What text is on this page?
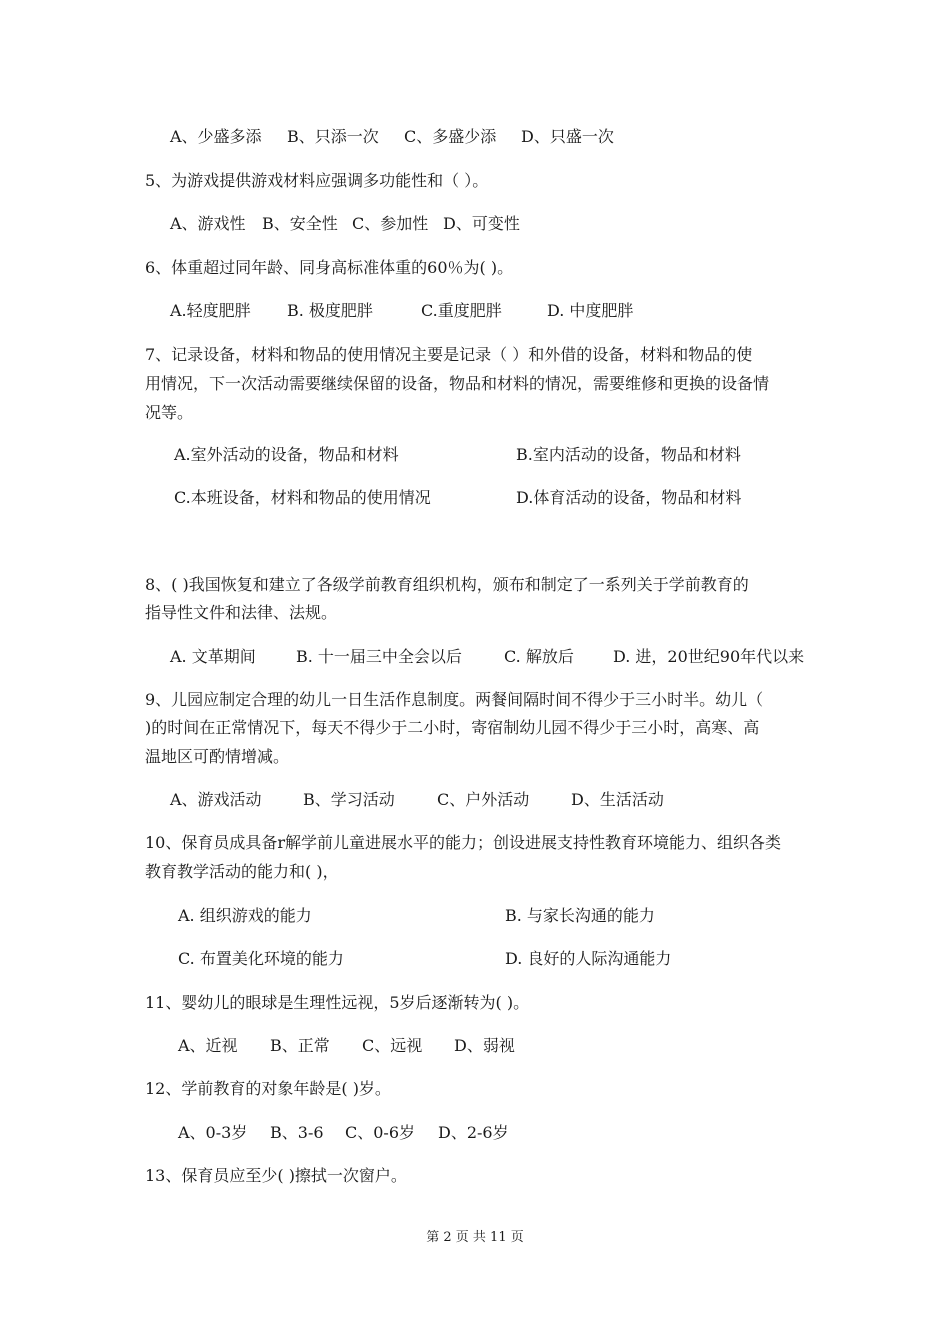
A、少盛多添 B、只添一次 C、多盛少添 D、只盛一次
5、为游戏提供游戏材料应强调多功能性和（ ）。
A、游戏性 B、安全性 C、参加性 D、可变性
6、体重超过同年龄、同身高标准体重的60％为( )。
A.轻度肥胖 B. 极度肥胖	C.重度肥胖	D. 中度肥胖
7、记录设备，材料和物品的使用情况主要是记录（ ）和外借的设备，材料和物品的使
用情况，下一次活动需要继续保留的设备，物品和材料的情况，需要维修和更换的设备情
况等。
A.室外活动的设备，物品和材料	B.室内活动的设备，物品和材料
C.本班设备，材料和物品的使用情况	D.体育活动的设备，物品和材料
8、( )我国恢复和建立了各级学前教育组织机构，颁布和制定了一系列关于学前教育的
指导性文件和法律、法规。
A. 文革期间	B. 十一届三中全会以后	C. 解放后 D. 进，20世纪90年代以来
9、儿园应制定合理的幼儿一日生活作息制度。两餐间隔时间不得少于三小时半。幼儿（
)的时间在正常情况下，每天不得少于二小时，寄宿制幼儿园不得少于三小时，高寒、高
温地区可酌情增减。
A、游戏活动	B、学习活动	C、户外活动	D、生活活动
10、保育员成具备r解学前儿童进展水平的能力；创设进展支持性教育环境能力、组织各类
教育教学活动的能力和( )，
A. 组织游戏的能力	B. 与家长沟通的能力
C. 布置美化环境的能力	D. 良好的人际沟通能力
11、婴幼儿的眼球是生理性远视，5岁后逐渐转为( )。
A、近视 B、正常 C、远视 D、弱视
12、学前教育的对象年龄是( )岁。
A、0-3岁 B、3-6 C、0-6岁 D、2-6岁
13、保育员应至少( )擦拭一次窗户。
第 2 页 共 11 页
